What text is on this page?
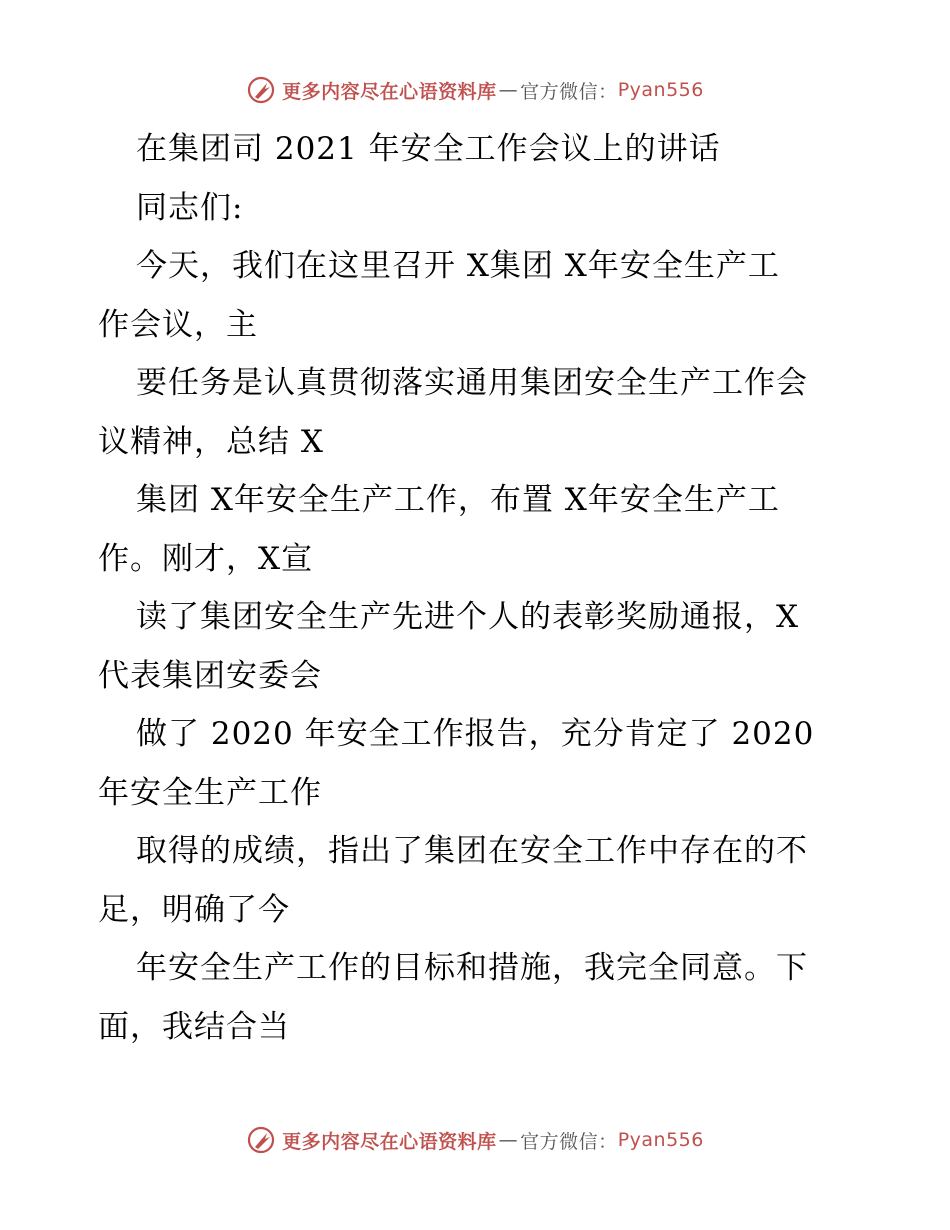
更多内容尽在心语资料库 — 官方微信： Pyan556
在集团司 2021 年安全工作会议上的讲话
同志们:
今天，我们在这里召开 X集团 X年安全生产工
作会议，主
要任务是认真贯彻落实通用集团安全生产工作会
议精神，总结 X
集团 X年安全生产工作，布置 X年安全生产工
作。刚才，X宣
读了集团安全生产先进个人的表彰奖励通报，X
代表集团安委会
做了 2020 年安全工作报告，充分肯定了 2020
年安全生产工作
取得的成绩，指出了集团在安全工作中存在的不
足，明确了今
年安全生产工作的目标和措施，我完全同意。下
面，我结合当
更多内容尽在心语资料库 — 官方微信： Pyan556
